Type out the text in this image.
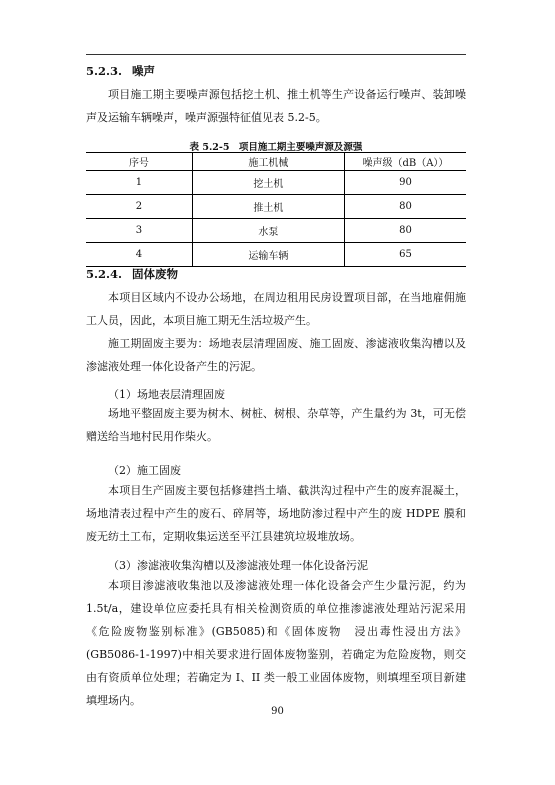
5.2.3. 噪声
项目施工期主要噪声源包括挖土机、推土机等生产设备运行噪声、装卸噪声及运输车辆噪声，噪声源强特征值见表 5.2-5。
表 5.2-5　项目施工期主要噪声源及源强
序号	施工机械	噪声级（dB（A））
1	挖土机	90
2	推土机	80
3	水泵	80
4	运输车辆	65
5.2.4. 固体废物
本项目区域内不设办公场地，在周边租用民房设置项目部，在当地雇佣施工人员，因此，本项目施工期无生活垃圾产生。
施工期固废主要为：场地表层清理固废、施工固废、渗滤液收集沟槽以及渗滤液处理一体化设备产生的污泥。
（1）场地表层清理固废
场地平整固废主要为树木、树桩、树根、杂草等，产生量约为 3t，可无偿赠送给当地村民用作柴火。
（2）施工固废
本项目生产固废主要包括修建挡土墙、截洪沟过程中产生的废弃混凝土，场地清表过程中产生的废石、碎屑等，场地防渗过程中产生的废 HDPE 膜和废无纺土工布，定期收集运送至平江县建筑垃圾堆放场。
（3）渗滤液收集沟槽以及渗滤液处理一体化设备污泥
本项目渗滤液收集池以及渗滤液处理一体化设备会产生少量污泥，约为 1.5t/a，建设单位应委托具有相关检测资质的单位推渗滤液处理站污泥采用《危险废物鉴别标准》(GB5085)和《固体废物　浸出毒性浸出方法》(GB5086-1-1997)中相关要求进行固体废物鉴别，若确定为危险废物，则交由有资质单位处理；若确定为 I、II 类一般工业固体废物，则填埋至项目新建填埋场内。
90
